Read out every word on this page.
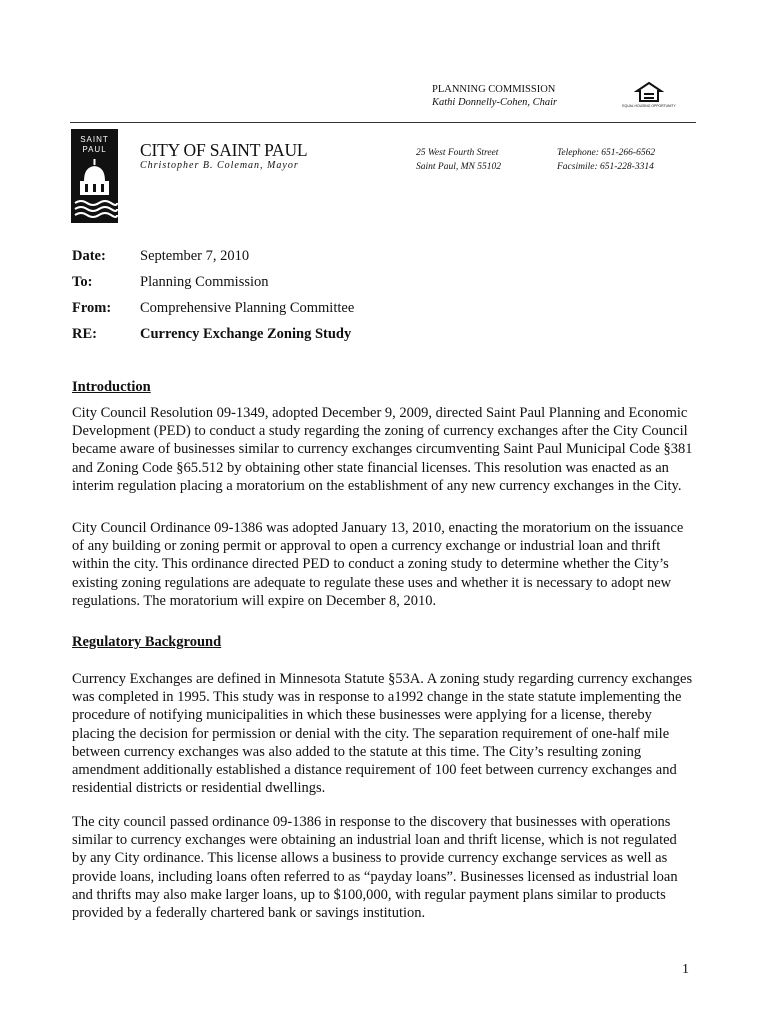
PLANNING COMMISSION
Kathi Donnelly-Cohen, Chair	EQUAL HOUSING OPPORTUNITY
SAINT
PAUL CITY OF SAINT PAUL
Christopher B. Coleman, Mayor
25 West Fourth Street
Saint Paul, MN 55102
Telephone: 651-266-6562
Facsimile: 651-228-3314
Date: September 7, 2010
To:	Planning Commission
From: Comprehensive Planning Committee
RE:	Currency Exchange Zoning Study
Introduction
City Council Resolution 09-1349, adopted December 9, 2009, directed Saint Paul Planning and Economic Development (PED) to conduct a study regarding the zoning of currency exchanges after the City Council became aware of businesses similar to currency exchanges circumventing Saint Paul Municipal Code §381 and Zoning Code §65.512 by obtaining other state financial licenses. This resolution was enacted as an interim regulation placing a moratorium on the establishment of any new currency exchanges in the City.
City Council Ordinance 09-1386 was adopted January 13, 2010, enacting the moratorium on the issuance of any building or zoning permit or approval to open a currency exchange or industrial loan and thrift within the city. This ordinance directed PED to conduct a zoning study to determine whether the City’s existing zoning regulations are adequate to regulate these uses and whether it is necessary to adopt new regulations. The moratorium will expire on December 8, 2010.
Regulatory Background
Currency Exchanges are defined in Minnesota Statute §53A. A zoning study regarding currency exchanges was completed in 1995. This study was in response to a1992 change in the state statute implementing the procedure of notifying municipalities in which these businesses were applying for a license, thereby placing the decision for permission or denial with the city. The separation requirement of one-half mile between currency exchanges was also added to the statute at this time. The City’s resulting zoning amendment additionally established a distance requirement of 100 feet between currency exchanges and residential districts or residential dwellings.
The city council passed ordinance 09-1386 in response to the discovery that businesses with operations similar to currency exchanges were obtaining an industrial loan and thrift license, which is not regulated by any City ordinance. This license allows a business to provide currency exchange services as well as provide loans, including loans often referred to as “payday loans”. Businesses licensed as industrial loan and thrifts may also make larger loans, up to $100,000, with regular payment plans similar to products provided by a federally chartered bank or savings institution.
1
